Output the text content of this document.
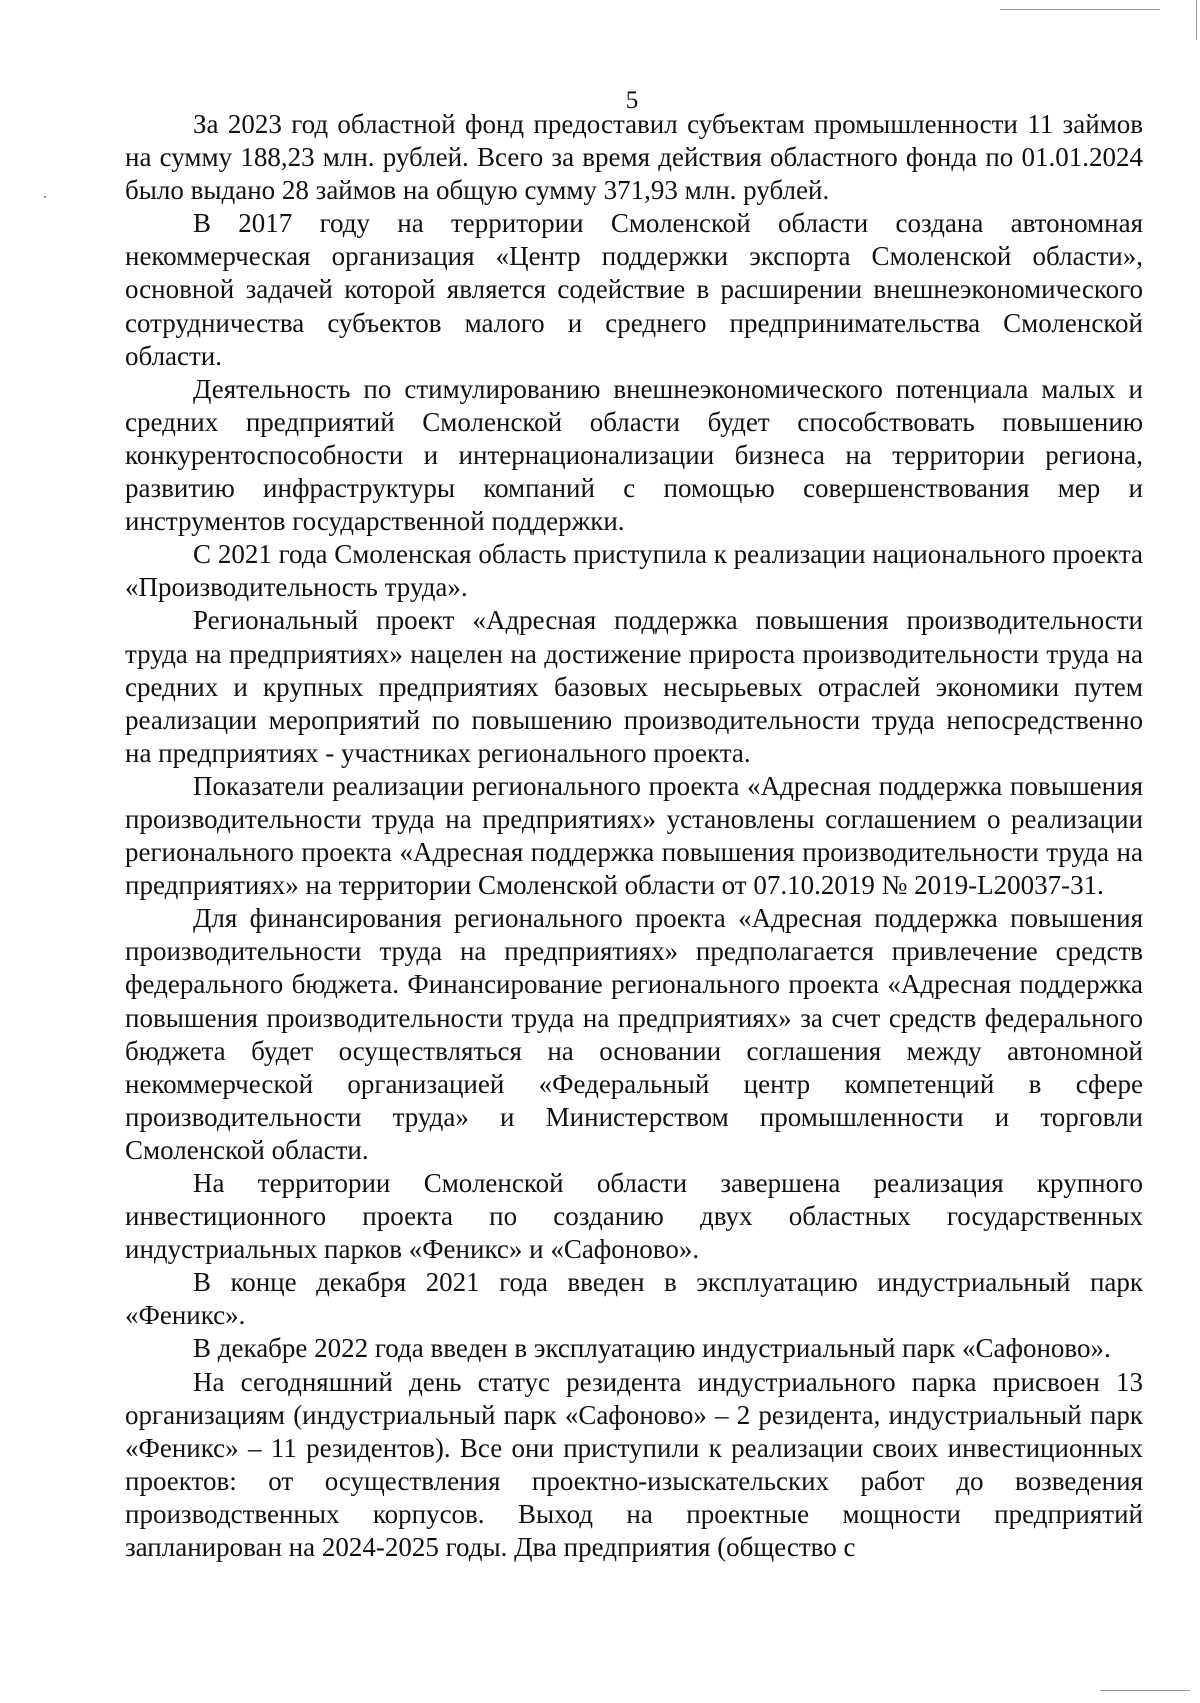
5

За 2023 год областной фонд предоставил субъектам промышленности 11 займов на сумму 188,23 млн. рублей. Всего за время действия областного фонда по 01.01.2024 было выдано 28 займов на общую сумму 371,93 млн. рублей.

В 2017 году на территории Смоленской области создана автономная некоммерческая организация «Центр поддержки экспорта Смоленской области», основной задачей которой является содействие в расширении внешнеэкономического сотрудничества субъектов малого и среднего предпринимательства Смоленской области.

Деятельность по стимулированию внешнеэкономического потенциала малых и средних предприятий Смоленской области будет способствовать повышению конкурентоспособности и интернационализации бизнеса на территории региона, развитию инфраструктуры компаний с помощью совершенствования мер и инструментов государственной поддержки.

С 2021 года Смоленская область приступила к реализации национального проекта «Производительность труда».

Региональный проект «Адресная поддержка повышения производительности труда на предприятиях» нацелен на достижение прироста производительности труда на средних и крупных предприятиях базовых несырьевых отраслей экономики путем реализации мероприятий по повышению производительности труда непосредственно на предприятиях - участниках регионального проекта.

Показатели реализации регионального проекта «Адресная поддержка повышения производительности труда на предприятиях» установлены соглашением о реализации регионального проекта «Адресная поддержка повышения производительности труда на предприятиях» на территории Смоленской области от 07.10.2019 № 2019-L20037-31.

Для финансирования регионального проекта «Адресная поддержка повышения производительности труда на предприятиях» предполагается привлечение средств федерального бюджета. Финансирование регионального проекта «Адресная поддержка повышения производительности труда на предприятиях» за счет средств федерального бюджета будет осуществляться на основании соглашения между автономной некоммерческой организацией «Федеральный центр компетенций в сфере производительности труда» и Министерством промышленности и торговли Смоленской области.

На территории Смоленской области завершена реализация крупного инвестиционного проекта по созданию двух областных государственных индустриальных парков «Феникс» и «Сафоново».

В конце декабря 2021 года введен в эксплуатацию индустриальный парк «Феникс».

В декабре 2022 года введен в эксплуатацию индустриальный парк «Сафоново».

На сегодняшний день статус резидента индустриального парка присвоен 13 организациям (индустриальный парк «Сафоново» – 2 резидента, индустриальный парк «Феникс» – 11 резидентов). Все они приступили к реализации своих инвестиционных проектов: от осуществления проектно-изыскательских работ до возведения производственных корпусов. Выход на проектные мощности предприятий запланирован на 2024-2025 годы. Два предприятия (общество с
